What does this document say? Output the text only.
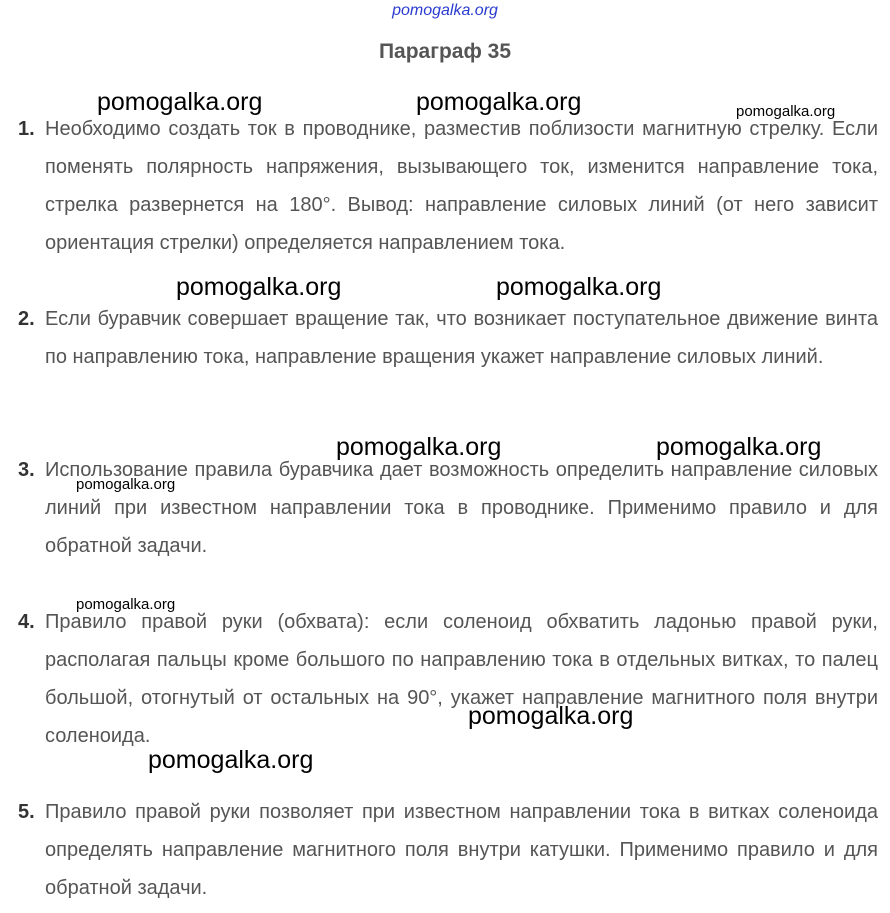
pomogalka.org
Параграф 35
1. Необходимо создать ток в проводнике, разместив поблизости магнитную стрелку. Если поменять полярность напряжения, вызывающего ток, изменится направление тока, стрелка развернется на 180°. Вывод: направление силовых линий (от него зависит ориентация стрелки) определяется направлением тока.
2. Если буравчик совершает вращение так, что возникает поступательное движение винта по направлению тока, направление вращения укажет направление силовых линий.
3. Использование правила буравчика дает возможность определить направление силовых линий при известном направлении тока в проводнике. Применимо правило и для обратной задачи.
4. Правило правой руки (обхвата): если соленоид обхватить ладонью правой руки, располагая пальцы кроме большого по направлению тока в отдельных витках, то палец большой, отогнутый от остальных на 90°, укажет направление магнитного поля внутри соленоида.
5. Правило правой руки позволяет при известном направлении тока в витках соленоида определять направление магнитного поля внутри катушки. Применимо правило и для обратной задачи.
pomogalka.org	pomogalka.org	pomogalka.org
pomogalka.org	pomogalka.org
pomogalka.org	pomogalka.org
pomogalka.org
pomogalka.org
pomogalka.org
pomogalka.org
